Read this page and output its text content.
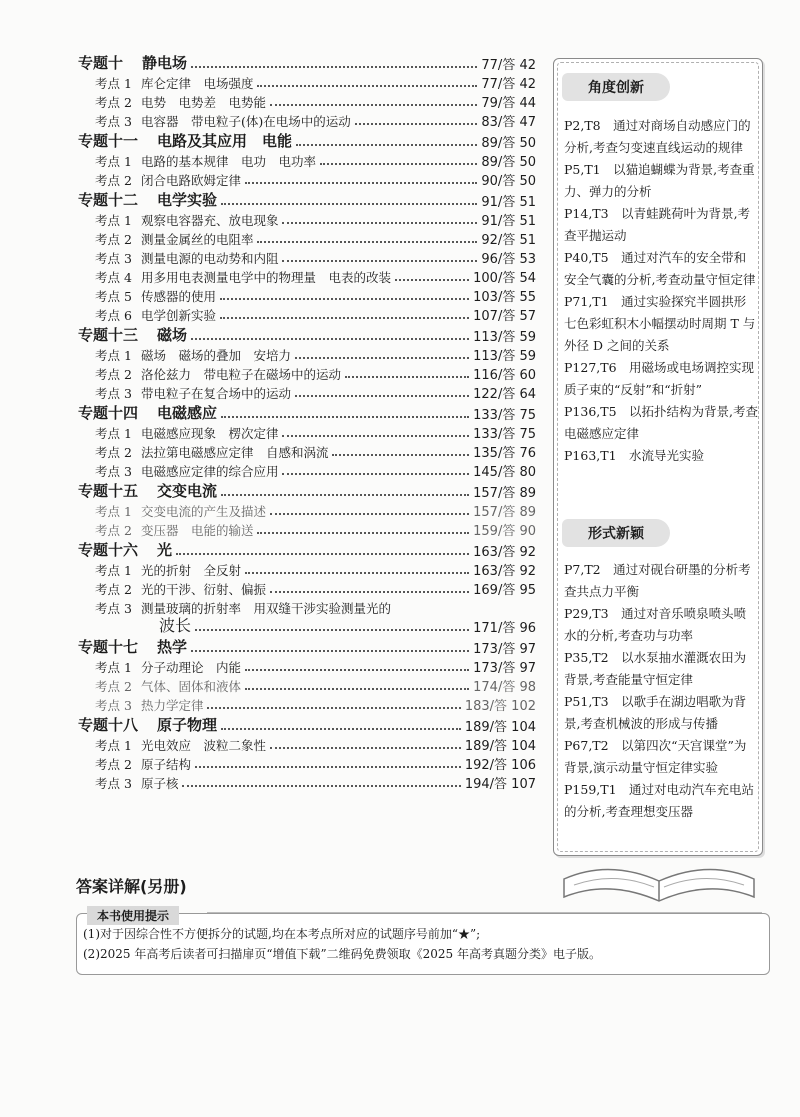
专题十	静电场	77/答 42
考点 1 库仑定律　电场强度	77/答 42
考点 2 电势　电势差　电势能	79/答 44
考点 3 电容器　带电粒子(体)在电场中的运动	83/答 47
专题十一	电路及其应用　电能	89/答 50
考点 1 电路的基本规律　电功　电功率	89/答 50
考点 2 闭合电路欧姆定律	90/答 50
专题十二	电学实验	91/答 51
考点 1 观察电容器充、放电现象	91/答 51
考点 2 测量金属丝的电阻率	92/答 51
考点 3 测量电源的电动势和内阻	96/答 53
考点 4 用多用电表测量电学中的物理量　电表的改装	100/答 54
考点 5 传感器的使用	103/答 55
考点 6 电学创新实验	107/答 57
专题十三	磁场	113/答 59
考点 1 磁场　磁场的叠加　安培力	113/答 59
考点 2 洛伦兹力　带电粒子在磁场中的运动	116/答 60
考点 3 带电粒子在复合场中的运动	122/答 64
专题十四	电磁感应	133/答 75
考点 1 电磁感应现象　楞次定律	133/答 75
考点 2 法拉第电磁感应定律　自感和涡流	135/答 76
考点 3 电磁感应定律的综合应用	145/答 80
专题十五	交变电流	157/答 89
考点 1 交变电流的产生及描述	157/答 89
考点 2 变压器　电能的输送	159/答 90
专题十六	光	163/答 92
考点 1 光的折射　全反射	163/答 92
考点 2 光的干涉、衍射、偏振	169/答 95
考点 3 测量玻璃的折射率　用双缝干涉实验测量光的
波长	171/答 96
专题十七	热学	173/答 97
考点 1 分子动理论　内能	173/答 97
考点 2 气体、固体和液体	174/答 98
考点 3 热力学定律	183/答 102
专题十八	原子物理	189/答 104
考点 1 光电效应　波粒二象性	189/答 104
考点 2 原子结构	192/答 106
考点 3 原子核	194/答 107
角度创新

P2,T8　通过对商场自动感应门的分析,考查匀变速直线运动的规律

P5,T1　以猫追蝴蝶为背景,考查重力、弹力的分析

P14,T3　以青蛙跳荷叶为背景,考查平抛运动

P40,T5　通过对汽车的安全带和安全气囊的分析,考查动量守恒定律

P71,T1　通过实验探究半圆拱形七色彩虹积木小幅摆动时周期 T 与外径 D 之间的关系

P127,T6　用磁场或电场调控实现质子束的“反射”和“折射”

P136,T5　以拓扑结构为背景,考查电磁感应定律

P163,T1　水流导光实验

形式新颖

P7,T2　通过对砚台研墨的分析考查共点力平衡

P29,T3　通过对音乐喷泉喷头喷水的分析,考查功与功率

P35,T2　以水泵抽水灌溉农田为背景,考查能量守恒定律

P51,T3　以歌手在湖边唱歌为背景,考查机械波的形成与传播

P67,T2　以第四次“天宫课堂”为背景,演示动量守恒定律实验

P159,T1　通过对电动汽车充电站的分析,考查理想变压器

答案详解(另册)
本书使用提示
(1)对于因综合性不方便拆分的试题,均在本考点所对应的试题序号前加“★”;
(2)2025 年高考后读者可扫描扉页“增值下载”二维码免费领取《2025 年高考真题分类》电子版。
